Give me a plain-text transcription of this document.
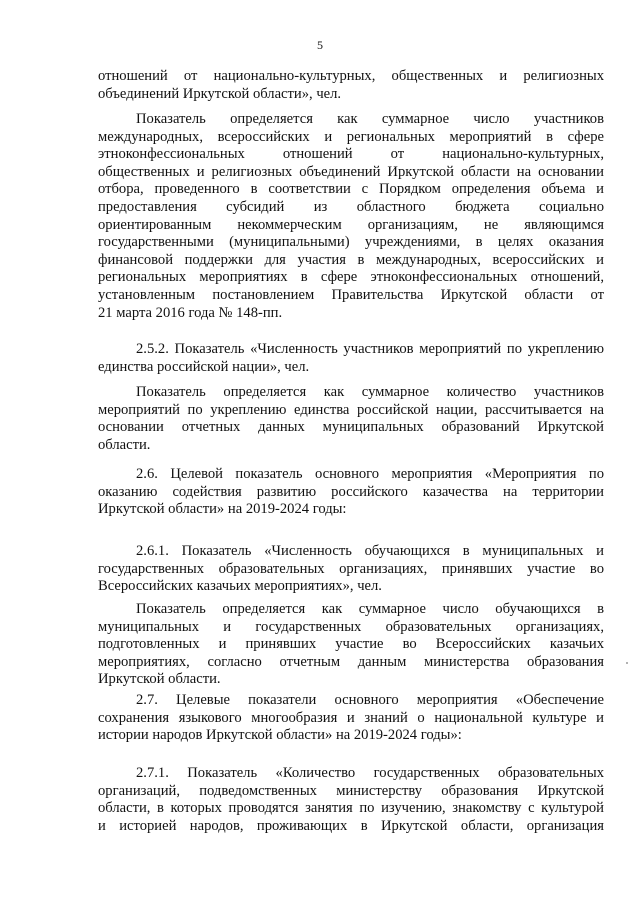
5
отношений от национально-культурных, общественных и религиозных
объединений Иркутской области», чел.
Показатель определяется как суммарное число участников
международных, всероссийских и региональных мероприятий в сфере
этноконфессиональных отношений от национально-культурных,
общественных и религиозных объединений Иркутской области на основании
отбора, проведенного в соответствии с Порядком определения объема и
предоставления субсидий из областного бюджета социально
ориентированным некоммерческим организациям, не являющимся
государственными (муниципальными) учреждениями, в целях оказания
финансовой поддержки для участия в международных, всероссийских и
региональных мероприятиях в сфере этноконфессиональных отношений,
установленным постановлением Правительства Иркутской области от
21 марта 2016 года № 148-пп.
2.5.2. Показатель «Численность участников мероприятий по укреплению
единства российской нации», чел.
Показатель определяется как суммарное количество участников
мероприятий по укреплению единства российской нации, рассчитывается на
основании отчетных данных муниципальных образований Иркутской
области.
2.6. Целевой показатель основного мероприятия «Мероприятия по
оказанию содействия развитию российского казачества на территории
Иркутской области» на 2019-2024 годы:
2.6.1. Показатель «Численность обучающихся в муниципальных и
государственных образовательных организациях, принявших участие во
Всероссийских казачьих мероприятиях», чел.
Показатель определяется как суммарное число обучающихся в
муниципальных и государственных образовательных организациях,
подготовленных и принявших участие во Всероссийских казачьих
мероприятиях, согласно отчетным данным министерства образования
Иркутской области.
2.7. Целевые показатели основного мероприятия «Обеспечение
сохранения языкового многообразия и знаний о национальной культуре и
истории народов Иркутской области» на 2019-2024 годы»:
2.7.1. Показатель «Количество государственных образовательных
организаций, подведомственных министерству образования Иркутской
области, в которых проводятся занятия по изучению, знакомству с культурой
и историей народов, проживающих в Иркутской области, организация
